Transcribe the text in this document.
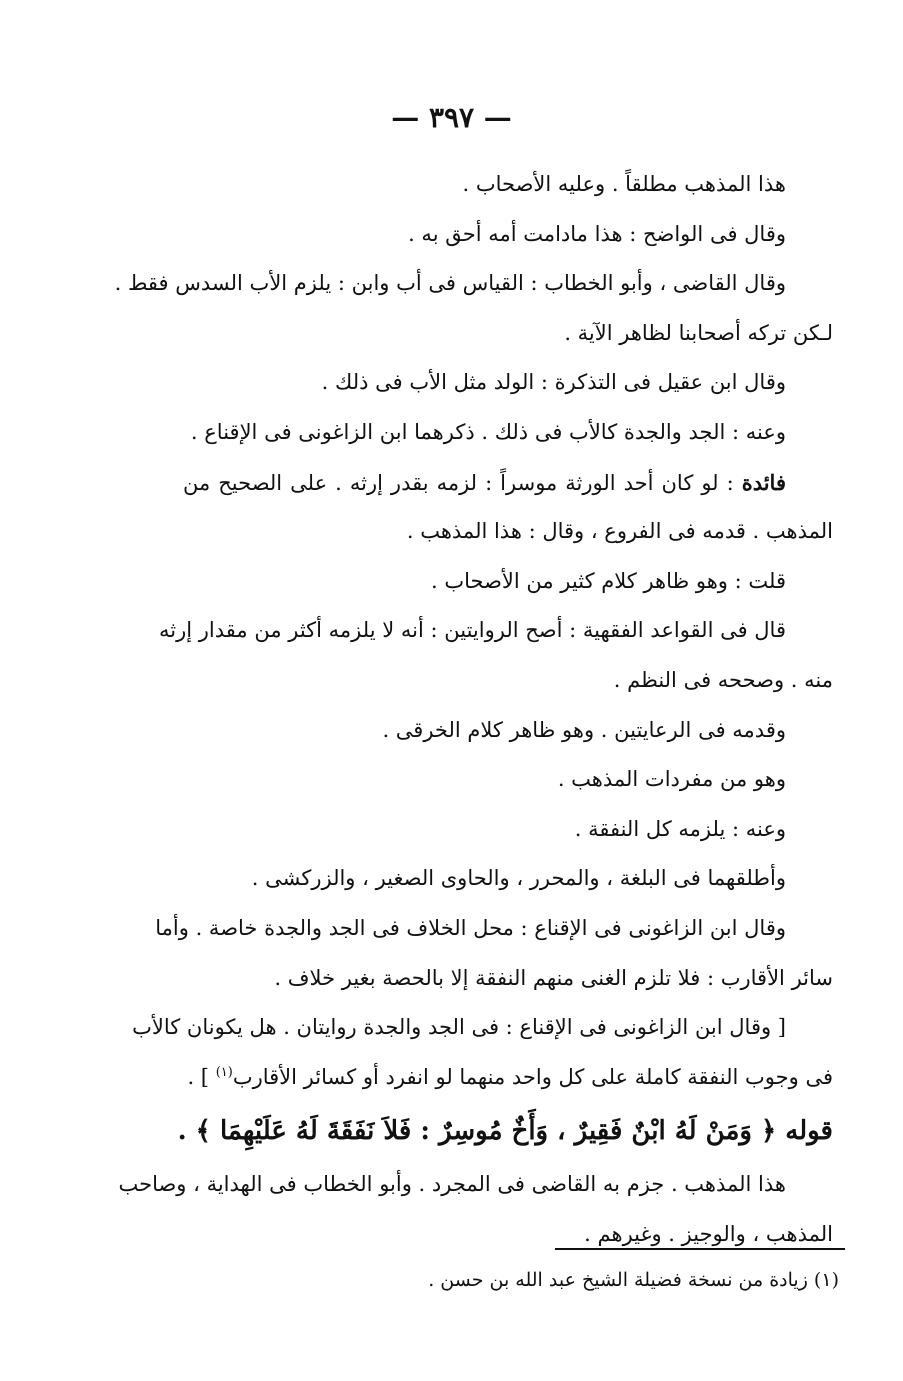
— ٣٩٧ —
هذا المذهب مطلقاً . وعليه الأصحاب .
وقال فى الواضح : هذا مادامت أمه أحق به .
وقال القاضى ، وأبو الخطاب : القياس فى أب وابن : يلزم الأب السدس فقط .
لـكن تركه أصحابنا لظاهر الآية .
وقال ابن عقيل فى التذكرة : الولد مثل الأب فى ذلك .
وعنه : الجد والجدة كالأب فى ذلك . ذكرهما ابن الزاغونى فى الإقناع .
فائدة : لو كان أحد الورثة موسراً : لزمه بقدر إرثه . على الصحيح من
المذهب . قدمه فى الفروع ، وقال : هذا المذهب .
قلت : وهو ظاهر كلام كثير من الأصحاب .
قال فى القواعد الفقهية : أصح الروايتين : أنه لا يلزمه أكثر من مقدار إرثه
منه . وصححه فى النظم .
وقدمه فى الرعايتين . وهو ظاهر كلام الخرقى .
وهو من مفردات المذهب .
وعنه : يلزمه كل النفقة .
وأطلقهما فى البلغة ، والمحرر ، والحاوى الصغير ، والزركشى .
وقال ابن الزاغونى فى الإقناع : محل الخلاف فى الجد والجدة خاصة . وأما
سائر الأقارب : فلا تلزم الغنى منهم النفقة إلا بالحصة بغير خلاف .
[ وقال ابن الزاغونى فى الإقناع : فى الجد والجدة روايتان . هل يكونان كالأب
فى وجوب النفقة كاملة على كل واحد منهما لو انفرد أو كسائر الأقارب$^{(١)}$ ] .
قوله ﴿ وَمَنْ لَهُ ابْنٌ فَقِيرٌ ، وَأَخٌ مُوسِرٌ : فَلاَ نَفَقَةَ لَهُ عَلَيْهِمَا ﴾ .
هذا المذهب . جزم به القاضى فى المجرد . وأبو الخطاب فى الهداية ، وصاحب
المذهب ، والوجيز . وغيرهم .
(١) زيادة من نسخة فضيلة الشيخ عبد الله بن حسن .
